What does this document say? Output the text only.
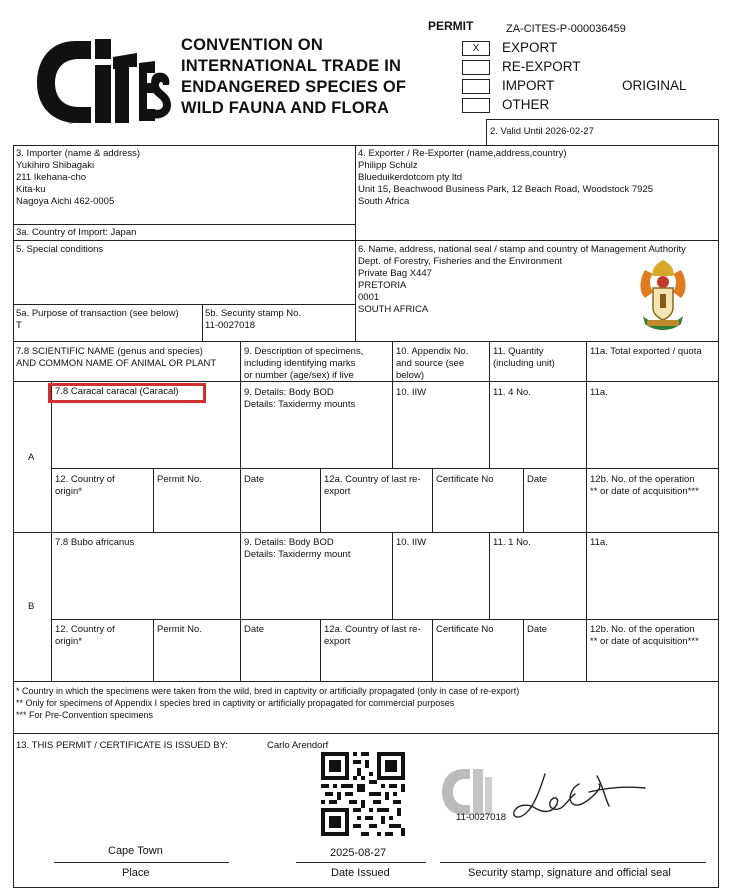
®
CONVENTION ON
INTERNATIONAL TRADE IN
ENDANGERED SPECIES OF
WILD FAUNA AND FLORA
PERMIT	ZA-CITES-P-000036459
X	EXPORT
RE-EXPORT
IMPORT
OTHER
ORIGINAL
2. Valid Until 2026-02-27
3. Importer (name & address)
Yukihiro Shibagaki
211 Ikehana-cho
Kita-ku
Nagoya Aichi 462-0005
4. Exporter / Re-Exporter (name,address,country)
Philipp Schulz
Blueduikerdotcom pty ltd
Unit 15, Beachwood Business Park, 12 Beach Road, Woodstock 7925
South Africa
3a. Country of Import: Japan
5. Special conditions	6. Name, address, national seal / stamp and country of Management Authority
Dept. of Forestry, Fisheries and the Environment
Private Bag X447
PRETORIA
0001
SOUTH AFRICA
5a. Purpose of transaction (see below)
T
5b. Security stamp No.
11-0027018
7.8 SCIENTIFIC NAME (genus and species)
AND COMMON NAME OF ANIMAL OR PLANT
9. Description of specimens,
including identifying marks
or number (age/sex) if live
10. Appendix No.
and source (see
below)
11. Quantity
(including unit)
11a. Total exported / quota
A
7.8 Caracal caracal (Caracal)	9. Details: Body BOD
Details: Taxidermy mounts
10. IIW	11. 4 No.	11a.
12. Country of
origin*
Permit No.	Date	12a. Country of last re-
export
Certificate No	Date	12b. No. of the operation
** or date of acquisition***
B
7.8 Bubo africanus	9. Details: Body BOD
Details: Taxidermy mount
10. IIW	11. 1 No.	11a.
12. Country of
origin*
Permit No.	Date	12a. Country of last re-
export
Certificate No	Date	12b. No. of the operation
** or date of acquisition***
* Country in which the specimens were taken from the wild, bred in captivity or artificially propagated (only in case of re-export)
** Only for specimens of Appendix I species bred in captivity or artificially propagated for commercial purposes
*** For Pre-Convention specimens
13. THIS PERMIT / CERTIFICATE IS ISSUED BY:	Carlo Arendorf
11-0027018
Cape Town	2025-08-27
Place	Date Issued	Security stamp, signature and official seal
